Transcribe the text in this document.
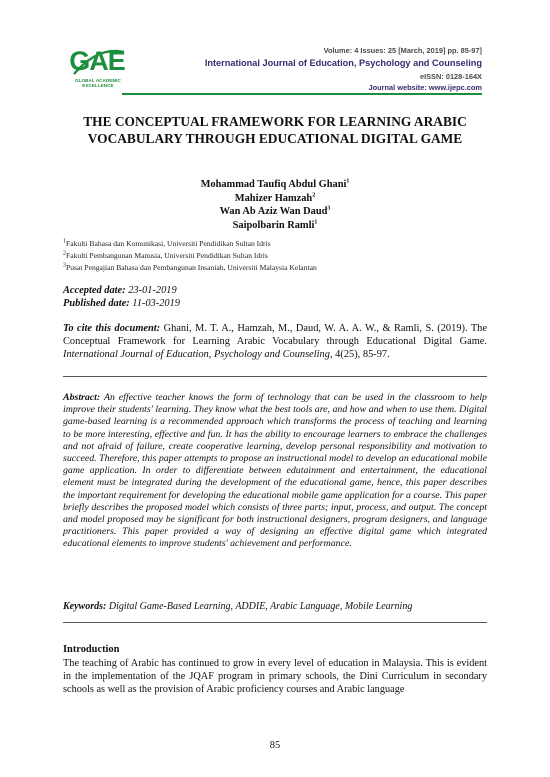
GAE
GLOBAL ACADEMIC EXCELLENCE
Volume: 4 Issues: 25 [March, 2019] pp. 85-97]
International Journal of Education, Psychology and Counseling
eISSN: 0128-164X
Journal website: www.ijepc.com
THE CONCEPTUAL FRAMEWORK FOR LEARNING ARABIC VOCABULARY THROUGH EDUCATIONAL DIGITAL GAME
Mohammad Taufiq Abdul Ghani$^1$
Mahizer Hamzah$^2$
Wan Ab Aziz Wan Daud$^3$
Saipolbarin Ramli$^1$
$^1$Fakulti Bahasa dan Komunikasi, Universiti Pendidikan Sultan Idris
$^2$Fakulti Pembangunan Manusia, Universiti Pendidikan Sultan Idris
$^3$Pusat Pengajian Bahasa dan Pembangunan Insaniah, Universiti Malaysia Kelantan
Accepted date: 23-01-2019
Published date: 11-03-2019
To cite this document: Ghani, M. T. A., Hamzah, M., Daud, W. A. A. W., & Ramli, S. (2019). The Conceptual Framework for Learning Arabic Vocabulary through Educational Digital Game. International Journal of Education, Psychology and Counseling, 4(25), 85-97.
Abstract: An effective teacher knows the form of technology that can be used in the classroom to help improve their students' learning. They know what the best tools are, and how and when to use them. Digital game-based learning is a recommended approach which transforms the process of teaching and learning to be more interesting, effective and fun. It has the ability to encourage learners to embrace the challenges and not afraid of failure, create cooperative learning, develop personal responsibility and motivation to succeed. Therefore, this paper attempts to propose an instructional model to develop an educational mobile game application. In order to differentiate between edutainment and entertainment, the educational element must be integrated during the development of the educational game, hence, this paper describes the important requirement for developing the educational mobile game application for a course. This paper briefly describes the proposed model which consists of three parts; input, process, and output. The concept and model proposed may be significant for both instructional designers, program designers, and language practitioners. This paper provided a way of designing an effective digital game which integrated educational elements to improve students' achievement and performance.
Keywords: Digital Game-Based Learning, ADDIE, Arabic Language, Mobile Learning
Introduction
The teaching of Arabic has continued to grow in every level of education in Malaysia. This is evident in the implementation of the JQAF program in primary schools, the Dini Curriculum in secondary schools as well as the provision of Arabic proficiency courses and Arabic language
85
